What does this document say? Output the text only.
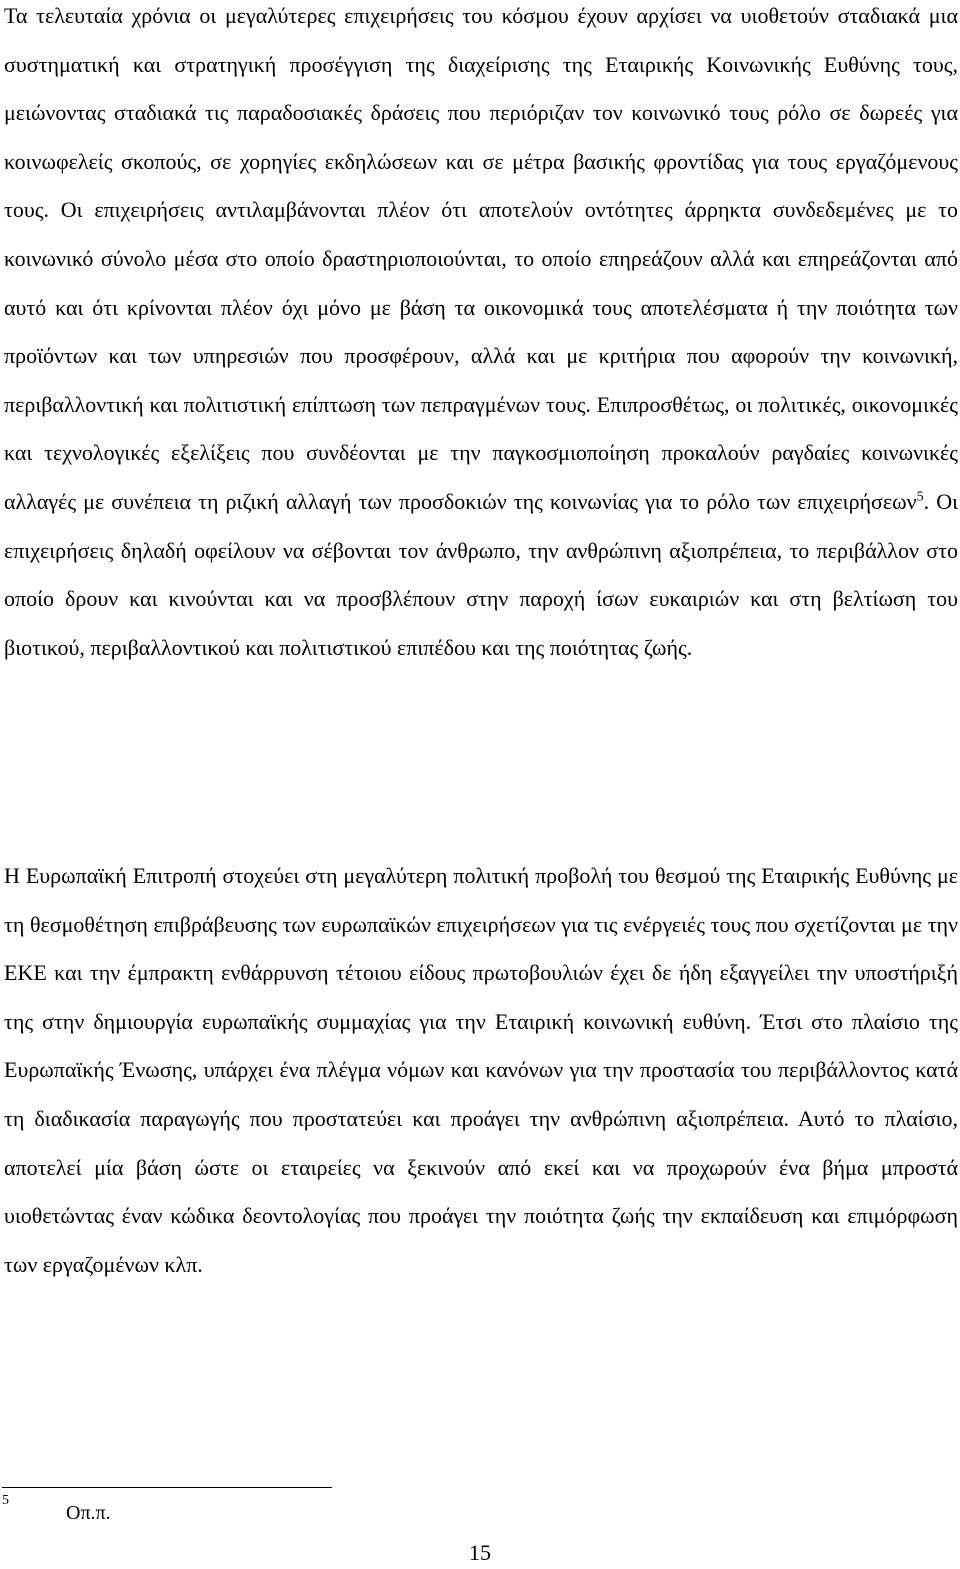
Τα τελευταία χρόνια οι μεγαλύτερες επιχειρήσεις του κόσμου έχουν αρχίσει να υιοθετούν σταδιακά μια συστηματική και στρατηγική προσέγγιση της διαχείρισης της Εταιρικής Κοινωνικής Ευθύνης τους, μειώνοντας σταδιακά τις παραδοσιακές δράσεις που περιόριζαν τον κοινωνικό τους ρόλο σε δωρεές για κοινωφελείς σκοπούς, σε χορηγίες εκδηλώσεων και σε μέτρα βασικής φροντίδας για τους εργαζόμενους τους. Οι επιχειρήσεις αντιλαμβάνονται πλέον ότι αποτελούν οντότητες άρρηκτα συνδεδεμένες με το κοινωνικό σύνολο μέσα στο οποίο δραστηριοποιούνται, το οποίο επηρεάζουν αλλά και επηρεάζονται από αυτό και ότι κρίνονται πλέον όχι μόνο με βάση τα οικονομικά τους αποτελέσματα ή την ποιότητα των προϊόντων και των υπηρεσιών που προσφέρουν, αλλά και με κριτήρια που αφορούν την κοινωνική, περιβαλλοντική και πολιτιστική επίπτωση των πεπραγμένων τους. Επιπροσθέτως, οι πολιτικές, οικονομικές και τεχνολογικές εξελίξεις που συνδέονται με την παγκοσμιοποίηση προκαλούν ραγδαίες κοινωνικές αλλαγές με συνέπεια τη ριζική αλλαγή των προσδοκιών της κοινωνίας για το ρόλο των επιχειρήσεων$^5$. Οι επιχειρήσεις δηλαδή οφείλουν να σέβονται τον άνθρωπο, την ανθρώπινη αξιοπρέπεια, το περιβάλλον στο οποίο δρουν και κινούνται και να προσβλέπουν στην παροχή ίσων ευκαιριών και στη βελτίωση του βιοτικού, περιβαλλοντικού και πολιτιστικού επιπέδου και της ποιότητας ζωής.

Η Ευρωπαϊκή Επιτροπή στοχεύει στη μεγαλύτερη πολιτική προβολή του θεσμού της Εταιρικής Ευθύνης με τη θεσμοθέτηση επιβράβευσης των ευρωπαϊκών επιχειρήσεων για τις ενέργειές τους που σχετίζονται με την ΕΚΕ και την έμπρακτη ενθάρρυνση τέτοιου είδους πρωτοβουλιών έχει δε ήδη εξαγγείλει την υποστήριξή της στην δημιουργία ευρωπαϊκής συμμαχίας για την Εταιρική κοινωνική ευθύνη. Έτσι στο πλαίσιο της Ευρωπαϊκής Ένωσης, υπάρχει ένα πλέγμα νόμων και κανόνων για την προστασία του περιβάλλοντος κατά τη διαδικασία παραγωγής που προστατεύει και προάγει την ανθρώπινη αξιοπρέπεια. Αυτό το πλαίσιο, αποτελεί μία βάση ώστε οι εταιρείες να ξεκινούν από εκεί και να προχωρούν ένα βήμα μπροστά υιοθετώντας έναν κώδικα δεοντολογίας που προάγει την ποιότητα ζωής την εκπαίδευση και επιμόρφωση των εργαζομένων κλπ.

5
Οπ.π.
15
